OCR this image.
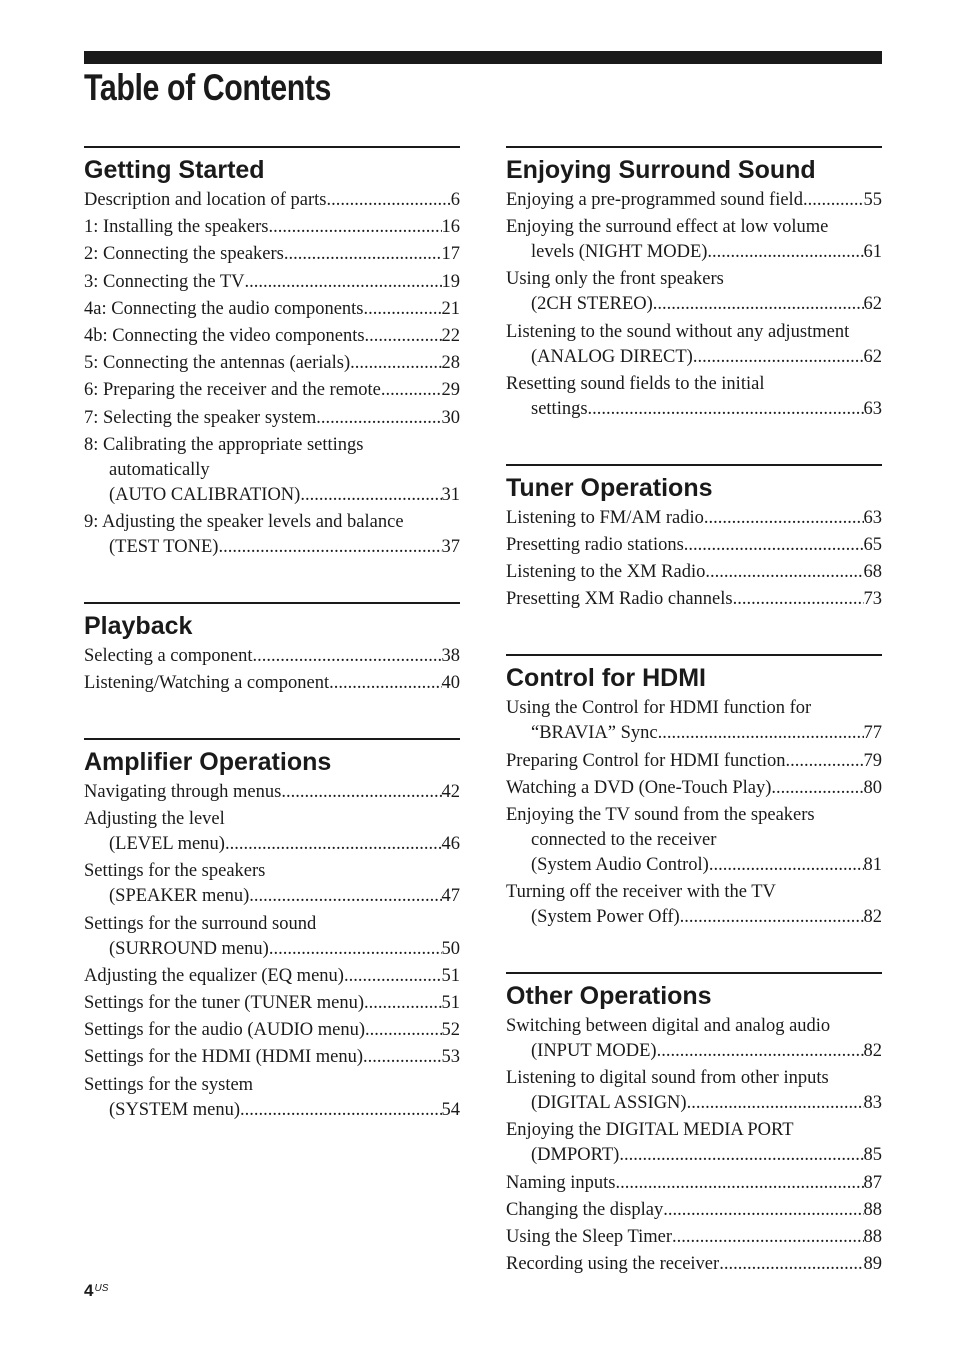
Table of Contents
Getting Started
Description and location of parts .....	6
1: Installing the speakers .....	16
2: Connecting the speakers .....	17
3: Connecting the TV .....	19
4a: Connecting the audio components .....	21
4b: Connecting the video components .....	22
5: Connecting the antennas (aerials) .....	28
6: Preparing the receiver and the remote .....	29
7: Selecting the speaker system .....	30
8: Calibrating the appropriate settings
automatically
(AUTO CALIBRATION) .....	31
9: Adjusting the speaker levels and balance
(TEST TONE) .....	37
Playback
Selecting a component .....	38
Listening/Watching a component .....	40
Amplifier Operations
Navigating through menus .....	42
Adjusting the level
(LEVEL menu) .....	46
Settings for the speakers
(SPEAKER menu) .....	47
Settings for the surround sound
(SURROUND menu) .....	50
Adjusting the equalizer (EQ menu) .....	51
Settings for the tuner (TUNER menu) .....	51
Settings for the audio (AUDIO menu) .....	52
Settings for the HDMI (HDMI menu) .....	53
Settings for the system
(SYSTEM menu) .....	54
Enjoying Surround Sound
Enjoying a pre-programmed sound field .....	55
Enjoying the surround effect at low volume
levels (NIGHT MODE) .....	61
Using only the front speakers
(2CH STEREO) .....	62
Listening to the sound without any adjustment
(ANALOG DIRECT) .....	62
Resetting sound fields to the initial
settings .....	63
Tuner Operations
Listening to FM/AM radio .....	63
Presetting radio stations .....	65
Listening to the XM Radio .....	68
Presetting XM Radio channels .....	73
Control for HDMI
Using the Control for HDMI function for
“BRAVIA” Sync .....	77
Preparing Control for HDMI function .....	79
Watching a DVD (One-Touch Play) .....	80
Enjoying the TV sound from the speakers
connected to the receiver
(System Audio Control) .....	81
Turning off the receiver with the TV
(System Power Off) .....	82
Other Operations
Switching between digital and analog audio
(INPUT MODE) .....	82
Listening to digital sound from other inputs
(DIGITAL ASSIGN) .....	83
Enjoying the DIGITAL MEDIA PORT
(DMPORT) .....	85
Naming inputs .....	87
Changing the display .....	88
Using the Sleep Timer .....	88
Recording using the receiver .....	89
$4^{US}$
